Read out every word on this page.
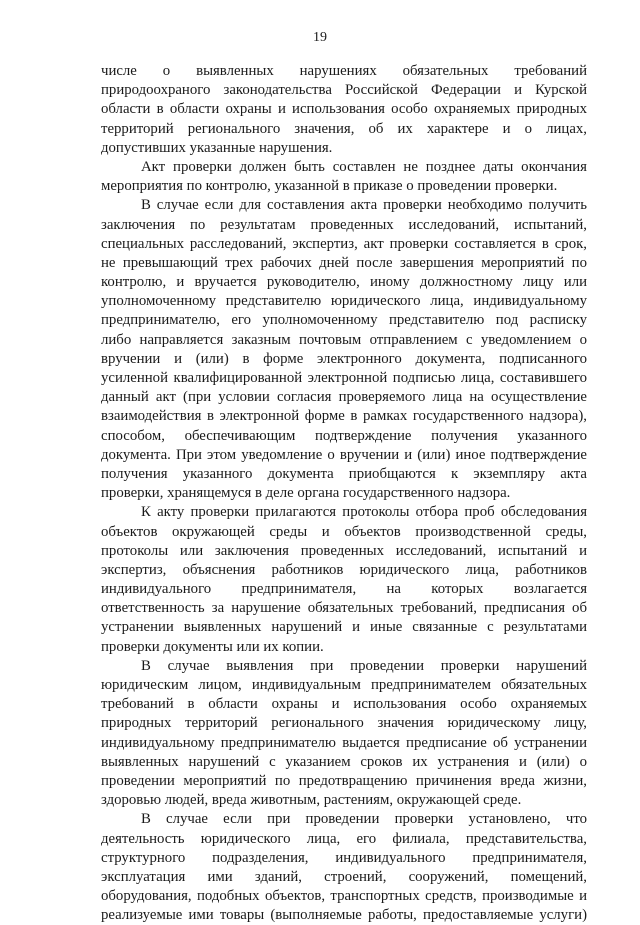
19
числе о выявленных нарушениях обязательных требований
природоохраного законодательства Российской Федерации и Курской
области в области охраны и использования особо охраняемых природных
территорий регионального значения, об их характере и о лицах,
допустивших указанные нарушения.
Акт проверки должен быть составлен не позднее даты окончания
мероприятия по контролю, указанной в приказе о проведении проверки.
В случае если для составления акта проверки необходимо получить
заключения по результатам проведенных исследований, испытаний,
специальных расследований, экспертиз, акт проверки составляется в срок,
не превышающий трех рабочих дней после завершения мероприятий по
контролю, и вручается руководителю, иному должностному лицу или
уполномоченному представителю юридического лица, индивидуальному
предпринимателю, его уполномоченному представителю под расписку
либо направляется заказным почтовым отправлением с уведомлением о
вручении и (или) в форме электронного документа, подписанного
усиленной квалифицированной электронной подписью лица, составившего
данный акт (при условии согласия проверяемого лица на осуществление
взаимодействия в электронной форме в рамках государственного надзора),
способом, обеспечивающим подтверждение получения указанного
документа. При этом уведомление о вручении и (или) иное подтверждение
получения указанного документа приобщаются к экземпляру акта
проверки, хранящемуся в деле органа государственного надзора.
К акту проверки прилагаются протоколы отбора проб обследования
объектов окружающей среды и объектов производственной среды,
протоколы или заключения проведенных исследований, испытаний и
экспертиз, объяснения работников юридического лица, работников
индивидуального предпринимателя, на которых возлагается
ответственность за нарушение обязательных требований, предписания об
устранении выявленных нарушений и иные связанные с результатами
проверки документы или их копии.
В случае выявления при проведении проверки нарушений
юридическим лицом, индивидуальным предпринимателем обязательных
требований в области охраны и использования особо охраняемых
природных территорий регионального значения юридическому лицу,
индивидуальному предпринимателю выдается предписание об устранении
выявленных нарушений с указанием сроков их устранения и (или) о
проведении мероприятий по предотвращению причинения вреда жизни,
здоровью людей, вреда животным, растениям, окружающей среде.
В случае если при проведении проверки установлено, что
деятельность юридического лица, его филиала, представительства,
структурного подразделения, индивидуального предпринимателя,
эксплуатация ими зданий, строений, сооружений, помещений,
оборудования, подобных объектов, транспортных средств, производимые и
реализуемые ими товары (выполняемые работы, предоставляемые услуги)
